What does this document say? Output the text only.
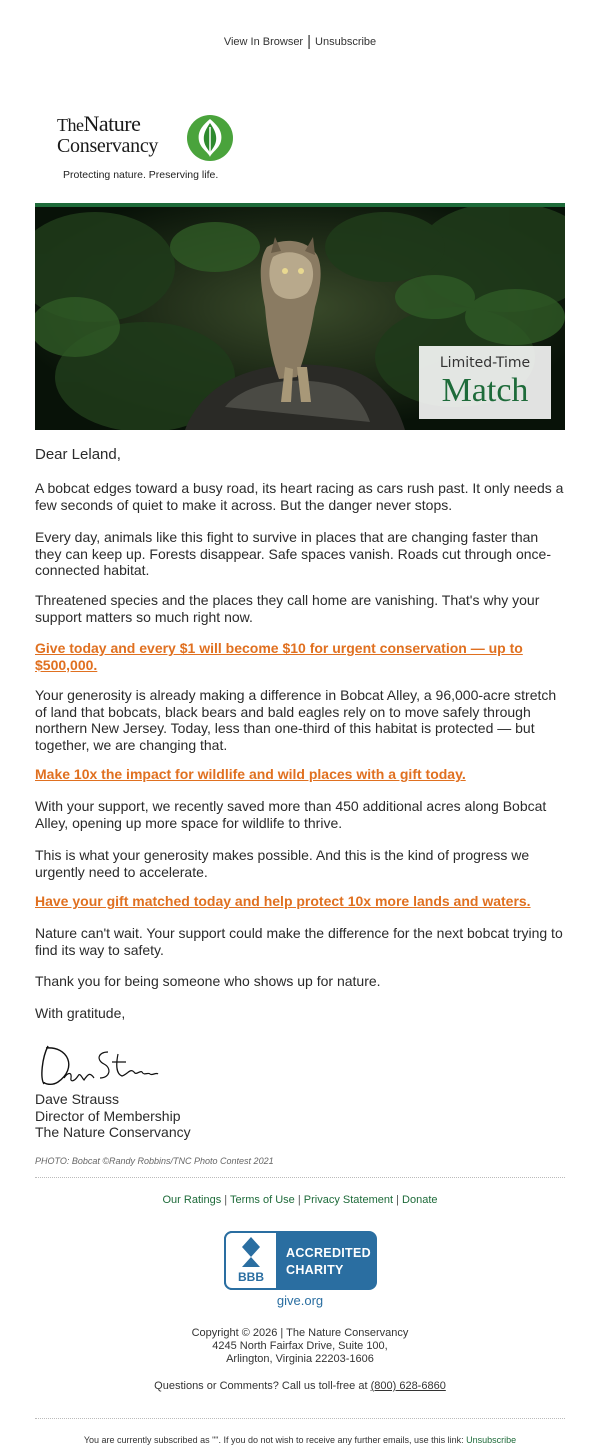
View In Browser | Unsubscribe
TheNature
Conservancy
Protecting nature. Preserving life.
Limited-Time
Match

Dear Leland,

A bobcat edges toward a busy road, its heart racing as cars rush past. It only needs a few seconds of quiet to make it across. But the danger never stops.

Every day, animals like this fight to survive in places that are changing faster than they can keep up. Forests disappear. Safe spaces vanish. Roads cut through once-connected habitat.

Threatened species and the places they call home are vanishing. That's why your support matters so much right now.

Give today and every $1 will become $10 for urgent conservation — up to $500,000.

Your generosity is already making a difference in Bobcat Alley, a 96,000-acre stretch of land that bobcats, black bears and bald eagles rely on to move safely through northern New Jersey. Today, less than one-third of this habitat is protected — but together, we are changing that.

Make 10x the impact for wildlife and wild places with a gift today.

With your support, we recently saved more than 450 additional acres along Bobcat Alley, opening up more space for wildlife to thrive.

This is what your generosity makes possible. And this is the kind of progress we urgently need to accelerate.

Have your gift matched today and help protect 10x more lands and waters.

Nature can't wait. Your support could make the difference for the next bobcat trying to find its way to safety.

Thank you for being someone who shows up for nature.

With gratitude,

Dave Strauss
Director of Membership
The Nature Conservancy
PHOTO: Bobcat ©Randy Robbins/TNC Photo Contest 2021
Our Ratings | Terms of Use | Privacy Statement | Donate
BBB
ACCREDITED
CHARITY
give.org
Copyright © 2026 | The Nature Conservancy
4245 North Fairfax Drive, Suite 100,
Arlington, Virginia 22203-1606
Questions or Comments? Call us toll-free at (800) 628-6860
You are currently subscribed as "". If you do not wish to receive any further emails, use this link: Unsubscribe
